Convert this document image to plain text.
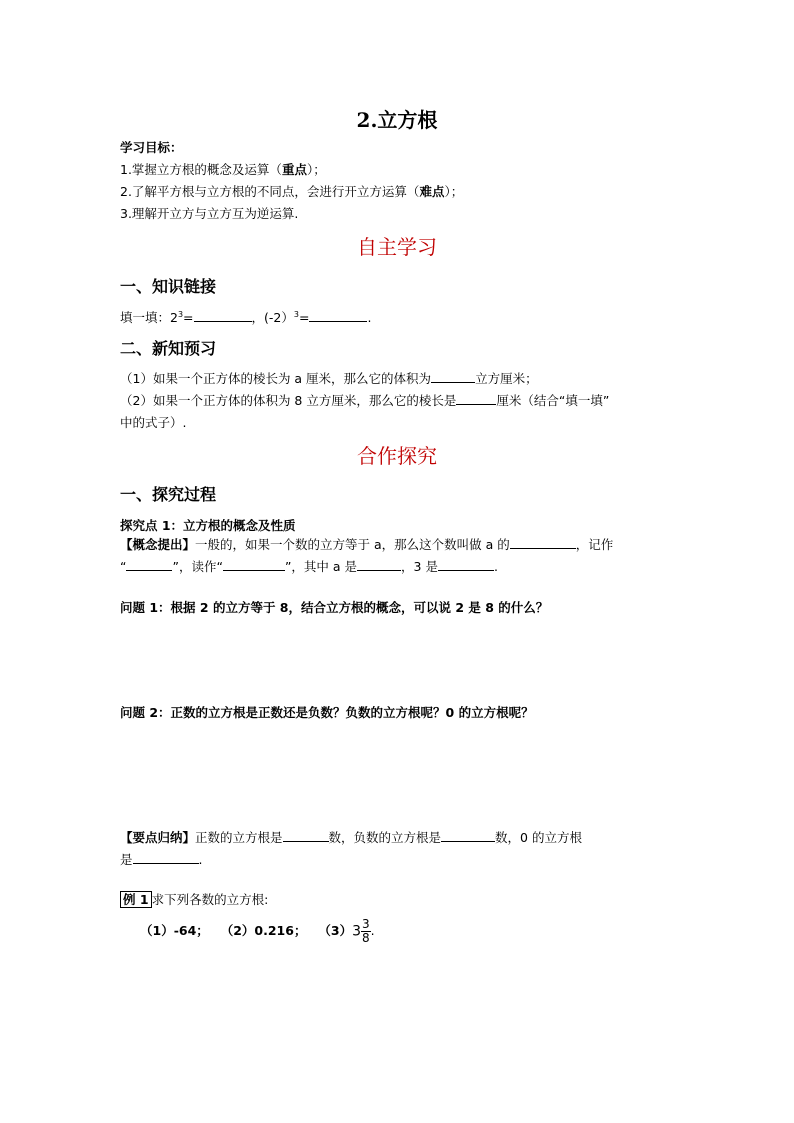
2.立方根
学习目标：
1.掌握立方根的概念及运算（重点）；
2.了解平方根与立方根的不同点，会进行开立方运算（难点）；
3.理解开立方与立方互为逆运算.
自主学习
一、知识链接
填一填：$2^3=$	，(-2）$^3$=	.
二、新知预习
（1）如果一个正方体的棱长为 a 厘米，那么它的体积为	立方厘米；
（2）如果一个正方体的体积为 8 立方厘米，那么它的棱长是	厘米（结合“填一填”
中的式子）.
合作探究
一、探究过程
探究点 1：立方根的概念及性质
【概念提出】一般的，如果一个数的立方等于 a，那么这个数叫做 a 的	，记作
“	”，读作“	”，其中 a 是	，3 是	.
问题 1：根据 2 的立方等于 8，结合立方根的概念，可以说 2 是 8 的什么？
问题 2：正数的立方根是正数还是负数？负数的立方根呢？0 的立方根呢？
【要点归纳】正数的立方根是	数，负数的立方根是	数，0 的立方根
是	.
例 1 求下列各数的立方根:
（1）-64； （2）0.216； $(3)3 \frac{3}{8}$ .
